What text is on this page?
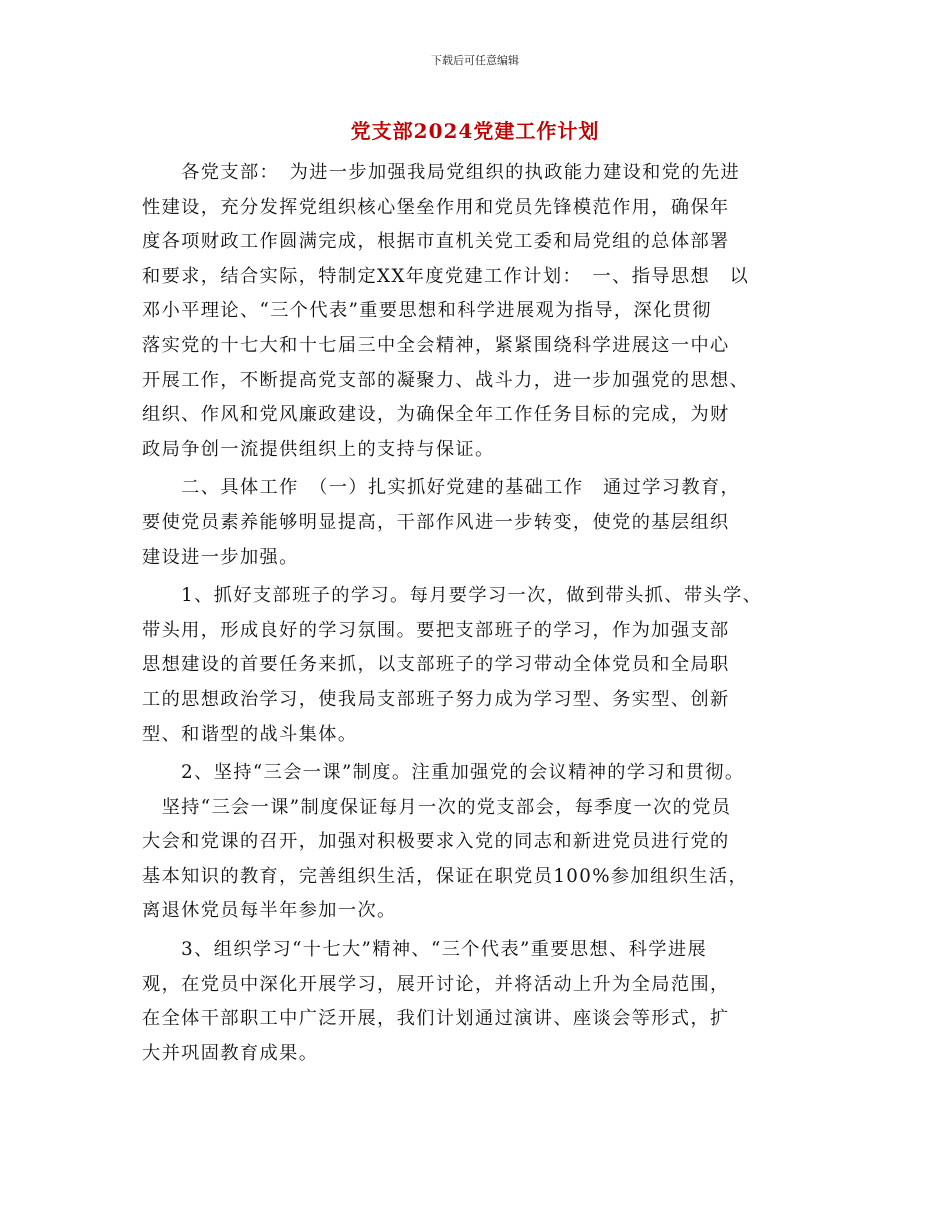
下载后可任意编辑
党支部2024党建工作计划
　　各党支部：　为进一步加强我局党组织的执政能力建设和党的先进
性建设，充分发挥党组织核心堡垒作用和党员先锋模范作用，确保年
度各项财政工作圆满完成，根据市直机关党工委和局党组的总体部署
和要求，结合实际，特制定XX年度党建工作计划：　一、指导思想　以
邓小平理论、“三个代表”重要思想和科学进展观为指导，深化贯彻
落实党的十七大和十七届三中全会精神，紧紧围绕科学进展这一中心
开展工作，不断提高党支部的凝聚力、战斗力，进一步加强党的思想、
组织、作风和党风廉政建设，为确保全年工作任务目标的完成，为财
政局争创一流提供组织上的支持与保证。
　　二、具体工作　（一）扎实抓好党建的基础工作　通过学习教育，
要使党员素养能够明显提高，干部作风进一步转变，使党的基层组织
建设进一步加强。
　　1、抓好支部班子的学习。每月要学习一次，做到带头抓、带头学、
带头用，形成良好的学习氛围。要把支部班子的学习，作为加强支部
思想建设的首要任务来抓，以支部班子的学习带动全体党员和全局职
工的思想政治学习，使我局支部班子努力成为学习型、务实型、创新
型、和谐型的战斗集体。
　　2、坚持“三会一课”制度。注重加强党的会议精神的学习和贯彻。
　坚持“三会一课”制度保证每月一次的党支部会，每季度一次的党员
大会和党课的召开，加强对积极要求入党的同志和新进党员进行党的
基本知识的教育，完善组织生活，保证在职党员100%参加组织生活，
离退休党员每半年参加一次。
　　3、组织学习“十七大”精神、“三个代表”重要思想、科学进展
观，在党员中深化开展学习，展开讨论，并将活动上升为全局范围，
在全体干部职工中广泛开展，我们计划通过演讲、座谈会等形式，扩
大并巩固教育成果。
